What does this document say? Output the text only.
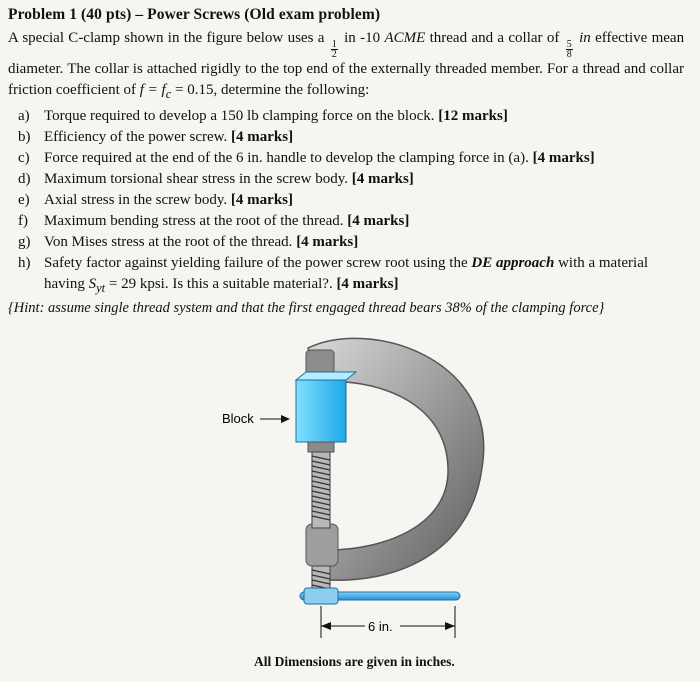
Problem 1 (40 pts) – Power Screws (Old exam problem)
A special C-clamp shown in the figure below uses a
$\frac{1}{2}$
in -10 ACME thread and a collar of
$\frac{5}{8}$
in effective mean diameter. The collar is attached rigidly to the top end of the externally threaded member. For a thread and collar friction coefficient of $f = f_c = 0.15$, determine the following:
a) Torque required to develop a 150 lb clamping force on the block. [12 marks]
b) Efficiency of the power screw. [4 marks]
c) Force required at the end of the 6 in. handle to develop the clamping force in (a). [4 marks]
d) Maximum torsional shear stress in the screw body. [4 marks]
e) Axial stress in the screw body. [4 marks]
f)	Maximum bending stress at the root of the thread. [4 marks]
g) Von Mises stress at the root of the thread. [4 marks]
h) Safety factor against yielding failure of the power screw root using the DE approach with a material having $S_{yt} = 29$ kpsi. Is this a suitable material?. [4 marks]
{Hint: assume single thread system and that the first engaged thread bears 38% of the clamping force}
6 in.
Block
All Dimensions are given in inches.
